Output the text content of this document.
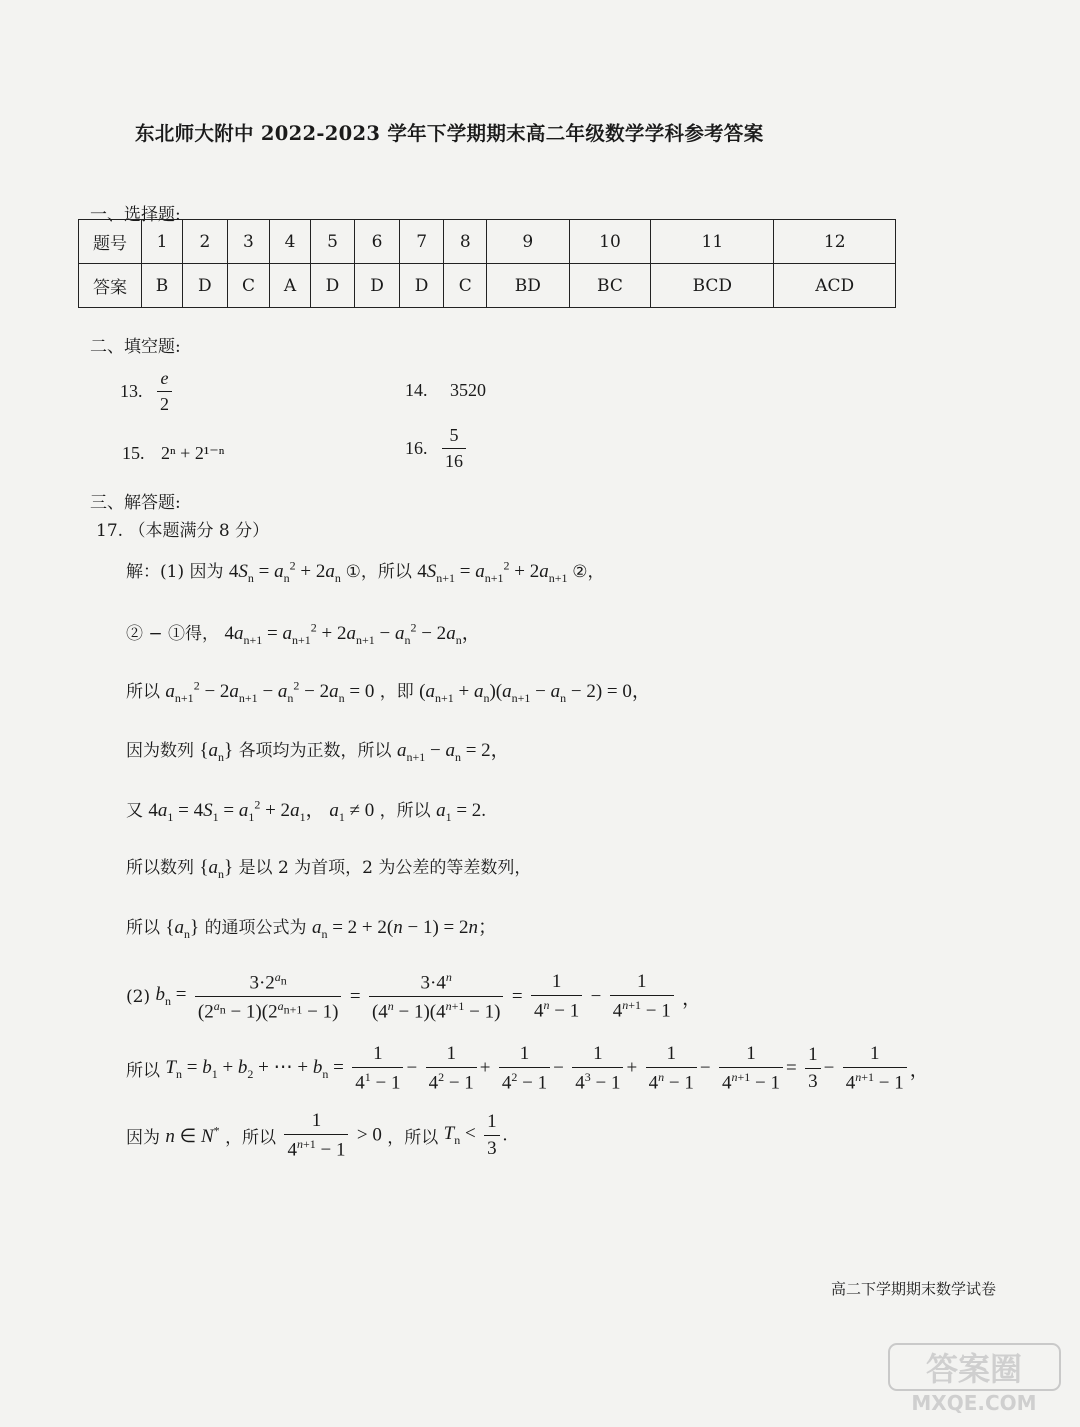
东北师大附中 2022-2023 学年下学期期末高二年级数学学科参考答案
一、选择题:
题号	1	2	3	4	5	6	7	8	9	10	11	12
答案	B	D	C	A	D	D	D	C	BD	BC	BCD	ACD
二、填空题:
13. $\frac{e}{2}$	14. 3520
15. 2ⁿ + 2¹⁻ⁿ	16. $\frac{5}{16}$
三、解答题:
17. （本题满分 8 分）
解：(1) 因为 $4S_n = a_n^2 + 2a_n$ ①，所以 $4S_{n+1} = a_{n+1}^2 + 2a_{n+1}$ ②，
② − ①得， $4a_{n+1} = a_{n+1}^2 + 2a_{n+1} - a_n^2 - 2a_n$，
所以 $a_{n+1}^2 - 2a_{n+1} - a_n^2 - 2a_n = 0$ ，即 $(a_{n+1} + a_n)(a_{n+1} - a_n - 2) = 0$，
因为数列 $\{a_n\}$ 各项均为正数，所以 $a_{n+1} - a_n = 2$，
又 $4a_1 = 4S_1 = a_1^2 + 2a_1$， $a_1 \ne 0$ ，所以 $a_1 = 2$.
所以数列 $\{a_n\}$ 是以 2 为首项，2 为公差的等差数列，
所以 $\{a_n\}$ 的通项公式为 $a_n = 2 + 2(n - 1) = 2n$；
(2) $b_n = \frac{3\cdot 2^{a_n}}{(2^{a_n} - 1)(2^{a_{n+1}} - 1)} = \frac{3\cdot 4^n}{(4^n - 1)(4^{n+1} - 1)} = \frac{1}{4^n - 1} - \frac{1}{4^{n+1} - 1}$ ，
所以 $T_n = b_1 + b_2$ + ⋯ + $b_n = \frac{1}{4^1 - 1} - \frac{1}{4^2 - 1} + \frac{1}{4^2 - 1} - \frac{1}{4^3 - 1} + \frac{1}{4^n - 1} - \frac{1}{4^{n+1} - 1} = \frac{1}{3} - \frac{1}{4^{n+1} - 1}$ ，
因为 n ∈ N* ，所以 $\frac{1}{4^{n+1} - 1} > 0$ ，所以 $T_n < \frac{1}{3}$ .
高二下学期期末数学试卷
答案圈
MXQE.COM
